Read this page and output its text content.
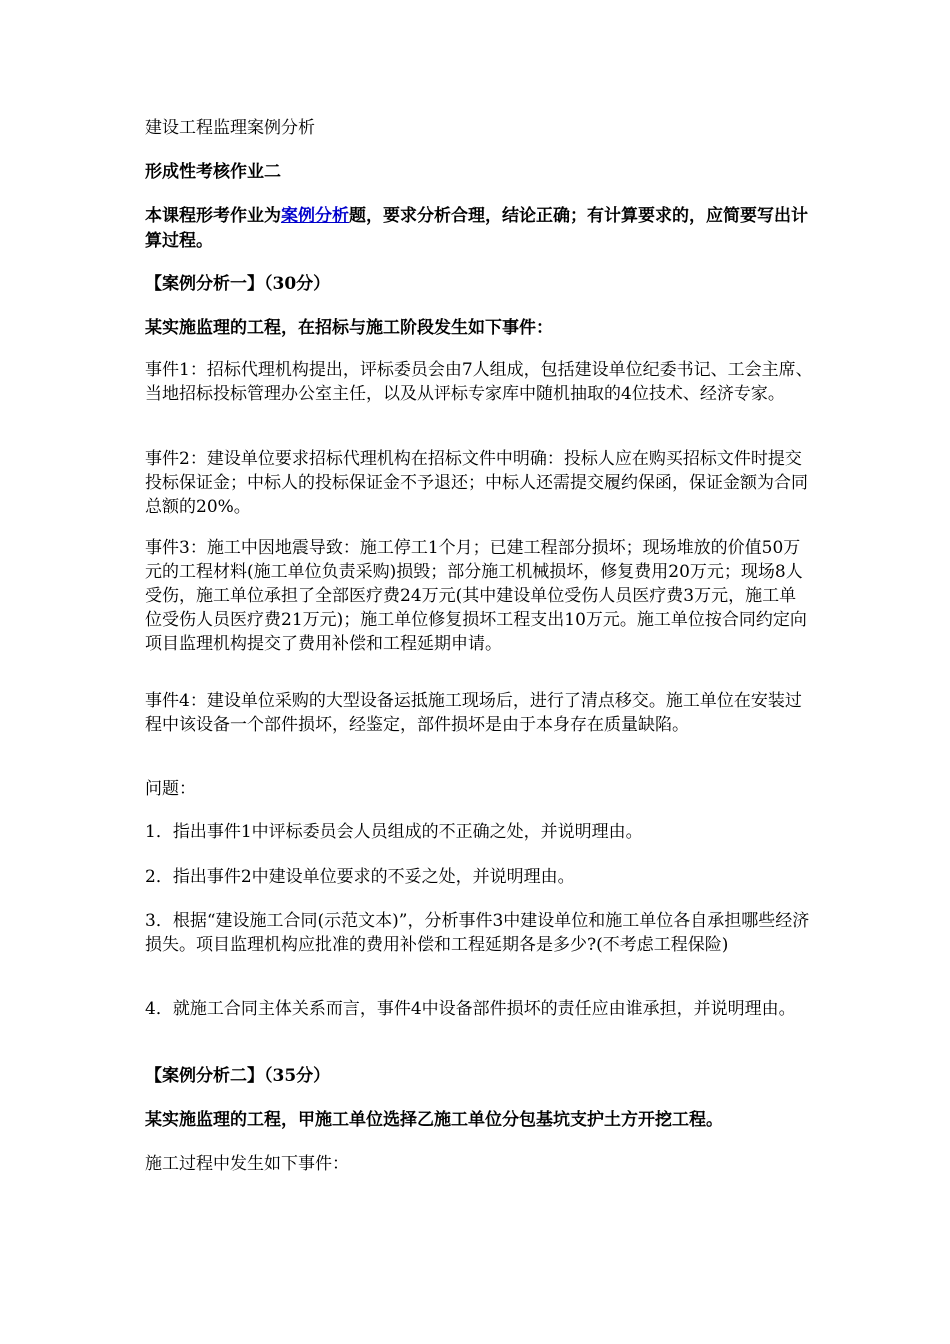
建设工程监理案例分析

形成性考核作业二

本课程形考作业为案例分析题，要求分析合理，结论正确；有计算要求的，应简要写出计算过程。

【案例分析一】（30分）

某实施监理的工程，在招标与施工阶段发生如下事件：

事件1：招标代理机构提出，评标委员会由7人组成，包括建设单位纪委书记、工会主席、当地招标投标管理办公室主任，以及从评标专家库中随机抽取的4位技术、经济专家。

事件2：建设单位要求招标代理机构在招标文件中明确：投标人应在购买招标文件时提交投标保证金；中标人的投标保证金不予退还；中标人还需提交履约保函，保证金额为合同总额的20%。

事件3：施工中因地震导致：施工停工1个月；已建工程部分损坏；现场堆放的价值50万元的工程材料(施工单位负责采购)损毁；部分施工机械损坏，修复费用20万元；现场8人受伤，施工单位承担了全部医疗费24万元(其中建设单位受伤人员医疗费3万元，施工单位受伤人员医疗费21万元)；施工单位修复损坏工程支出10万元。施工单位按合同约定向项目监理机构提交了费用补偿和工程延期申请。

事件4：建设单位采购的大型设备运抵施工现场后，进行了清点移交。施工单位在安装过程中该设备一个部件损坏，经鉴定，部件损坏是由于本身存在质量缺陷。

问题：

1．指出事件1中评标委员会人员组成的不正确之处，并说明理由。

2．指出事件2中建设单位要求的不妥之处，并说明理由。

3．根据“建设施工合同(示范文本)”，分析事件3中建设单位和施工单位各自承担哪些经济损失。项目监理机构应批准的费用补偿和工程延期各是多少?(不考虑工程保险)

4．就施工合同主体关系而言，事件4中设备部件损坏的责任应由谁承担，并说明理由。

【案例分析二】（35分）

某实施监理的工程，甲施工单位选择乙施工单位分包基坑支护土方开挖工程。

施工过程中发生如下事件：
